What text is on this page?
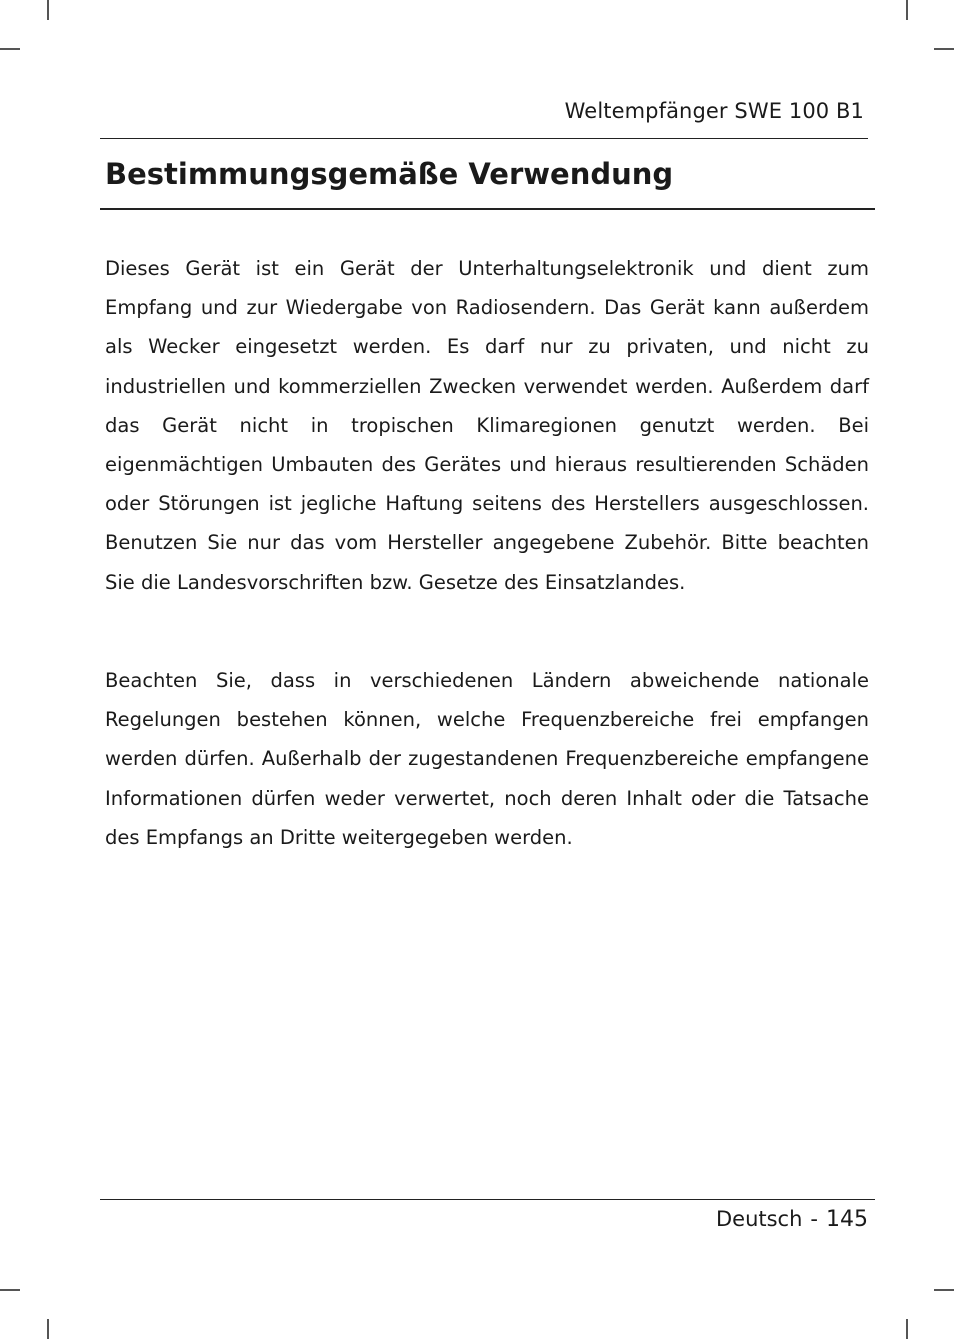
Weltempfänger SWE 100 B1
Bestimmungsgemäße Verwendung

Dieses Gerät ist ein Gerät der Unterhaltungselektronik und dient zum Empfang und zur Wiedergabe von Radiosendern. Das Gerät kann außerdem als Wecker eingesetzt werden. Es darf nur zu privaten, und nicht zu industriellen und kommerziellen Zwecken verwendet werden. Außerdem darf das Gerät nicht in tropischen Klimaregionen genutzt werden. Bei eigenmächtigen Umbauten des Gerätes und hieraus resultierenden Schäden oder Störungen ist jegliche Haftung seitens des Herstellers ausgeschlossen. Benutzen Sie nur das vom Hersteller angegebene Zubehör. Bitte beachten Sie die Landesvorschriften bzw. Gesetze des Einsatzlandes.

Beachten Sie, dass in verschiedenen Ländern abweichende nationale Regelungen bestehen können, welche Frequenzbereiche frei empfangen werden dürfen. Außerhalb der zugestandenen Frequenzbereiche empfangene Informationen dürfen weder verwertet, noch deren Inhalt oder die Tatsache des Empfangs an Dritte weitergegeben werden.

Deutsch - 145
